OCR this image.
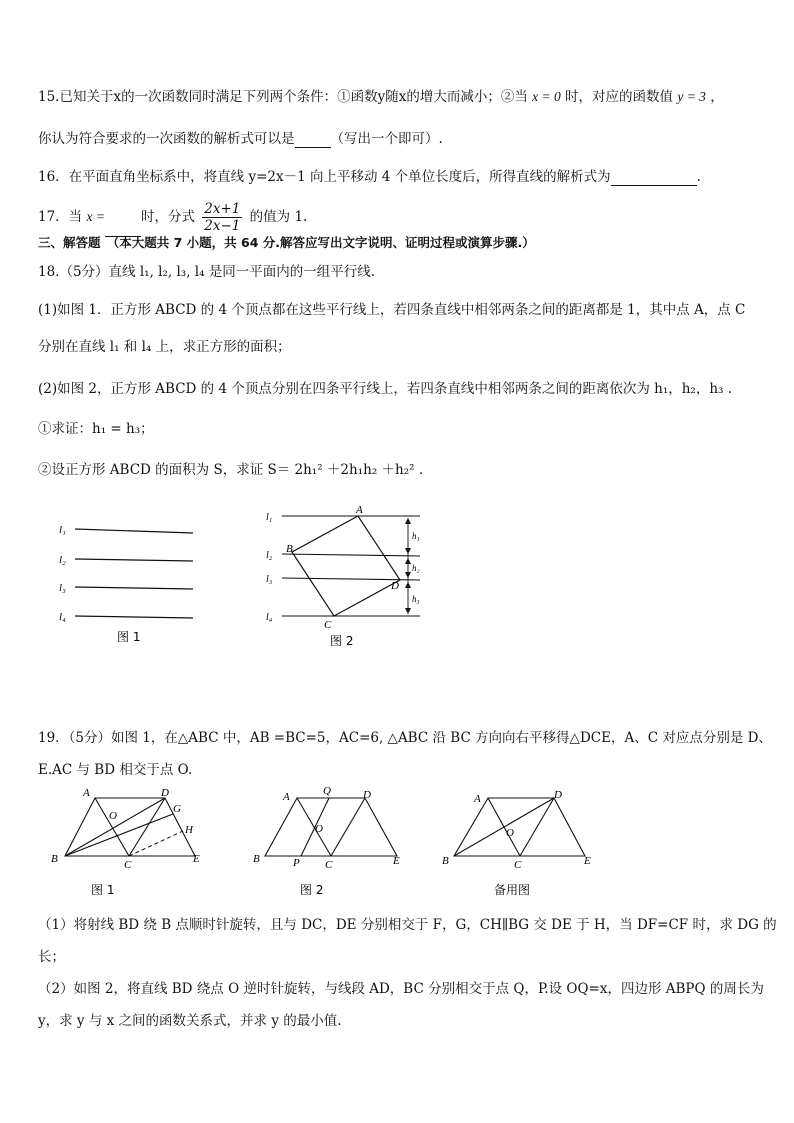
15.已知关于x的一次函数同时满足下列两个条件：①函数y随x的增大而减小；②当 x = 0 时，对应的函数值 y = 3 ，
你认为符合要求的一次函数的解析式可以是	（写出一个即可）.
16．在平面直角坐标系中，将直线 y=2x－1 向上平移动 4 个单位长度后，所得直线的解析式为	.
17．当 x =	时，分式 $\frac{2x+1}{2x-1}$ 的值为 1.
三、解答题　（本大题共 7 小题，共 64 分.解答应写出文字说明、证明过程或演算步骤.）
18.（5分）直线 l₁, l₂, l₃, l₄ 是同一平面内的一组平行线.
(1)如图 1．正方形 ABCD 的 4 个顶点都在这些平行线上，若四条直线中相邻两条之间的距离都是 1，其中点 A，点 C
分别在直线 l₁ 和 l₄ 上，求正方形的面积；
(2)如图 2，正方形 ABCD 的 4 个顶点分别在四条平行线上，若四条直线中相邻两条之间的距离依次为 h₁，h₂，h₃ .
①求证：h₁ = h₃；
②设正方形 ABCD 的面积为 S，求证 S＝ 2h₁² ＋2h₁h₂ ＋h₂² .
l₁
l₂
l₃
l₄
图 1
l₁
l₂
l₃
l₄
A
B
D
C
h₁
h₂
h₃
图 2
19．（5分）如图 1，在△ABC 中，AB =BC=5，AC=6, △ABC 沿 BC 方向向右平移得△DCE，A、C 对应点分别是 D、
E.AC 与 BD 相交于点 O.
A	D
G
O
H
B	C	E
图 1
A	Q	D
O
B	P C	E
图 2
A	D
O
B	C	E
备用图
（1）将射线 BD 绕 B 点顺时针旋转，且与 DC，DE 分别相交于 F，G，CH∥BG 交 DE 于 H，当 DF=CF 时，求 DG 的
长；
（2）如图 2，将直线 BD 绕点 O 逆时针旋转，与线段 AD，BC 分别相交于点 Q，P.设 OQ=x，四边形 ABPQ 的周长为
y，求 y 与 x 之间的函数关系式，并求 y 的最小值.
